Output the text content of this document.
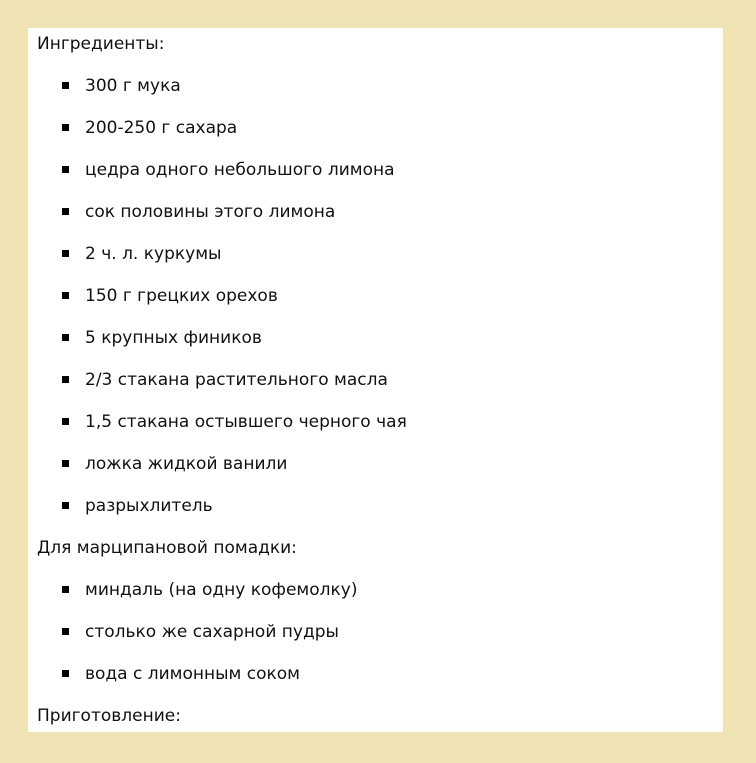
Ингредиенты:
300 г мука
200-250 г сахара
цедра одного небольшого лимона
сок половины этого лимона
2 ч. л. куркумы
150 г грецких орехов
5 крупных фиников
2/3 стакана растительного масла
1,5 стакана остывшего черного чая
ложка жидкой ванили
разрыхлитель
Для марципановой помадки:
миндаль (на одну кофемолку)
столько же сахарной пудры
вода с лимонным соком
Приготовление:
